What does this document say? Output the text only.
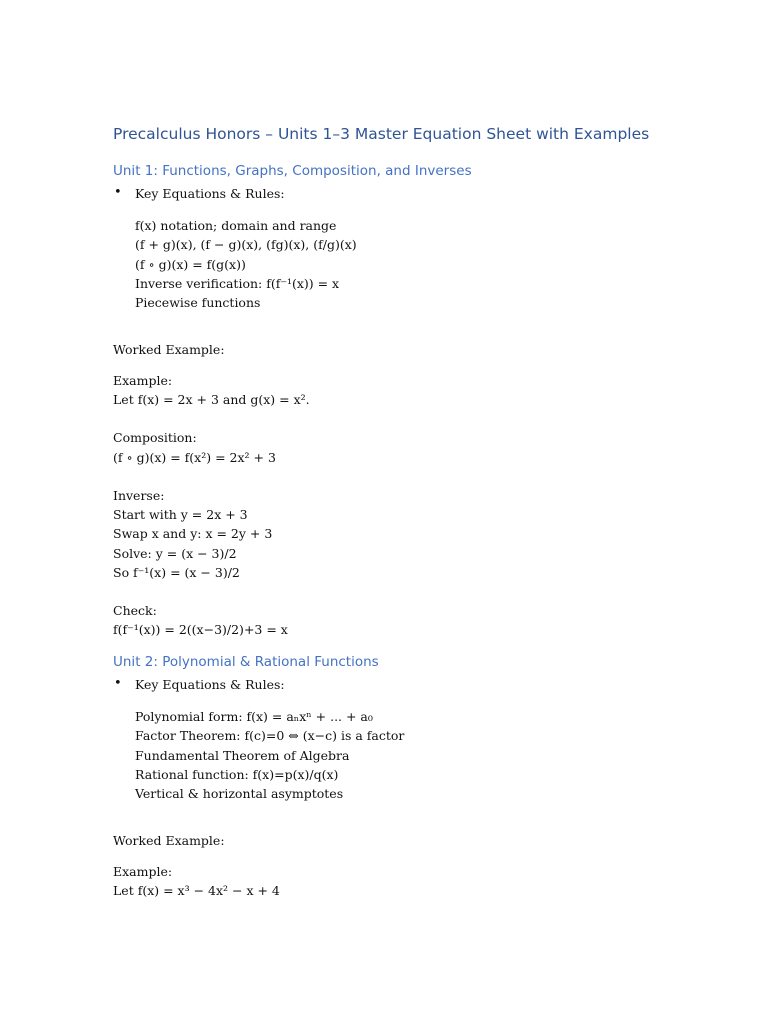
Precalculus Honors – Units 1–3 Master Equation Sheet with Examples
Unit 1: Functions, Graphs, Composition, and Inverses
• Key Equations & Rules:
f(x) notation; domain and range
(f + g)(x), (f − g)(x), (fg)(x), (f/g)(x)
(f ∘ g)(x) = f(g(x))
Inverse verification: f(f⁻¹(x)) = x
Piecewise functions
Worked Example:
Example:
Let f(x) = 2x + 3 and g(x) = x².
Composition:
(f ∘ g)(x) = f(x²) = 2x² + 3
Inverse:
Start with y = 2x + 3
Swap x and y: x = 2y + 3
Solve: y = (x − 3)/2
So f⁻¹(x) = (x − 3)/2
Check:
f(f⁻¹(x)) = 2((x−3)/2)+3 = x
Unit 2: Polynomial & Rational Functions
• Key Equations & Rules:
Polynomial form: f(x) = aₙxⁿ + ... + a₀
Factor Theorem: f(c)=0 ⇔ (x−c) is a factor
Fundamental Theorem of Algebra
Rational function: f(x)=p(x)/q(x)
Vertical & horizontal asymptotes
Worked Example:
Example:
Let f(x) = x³ − 4x² − x + 4
